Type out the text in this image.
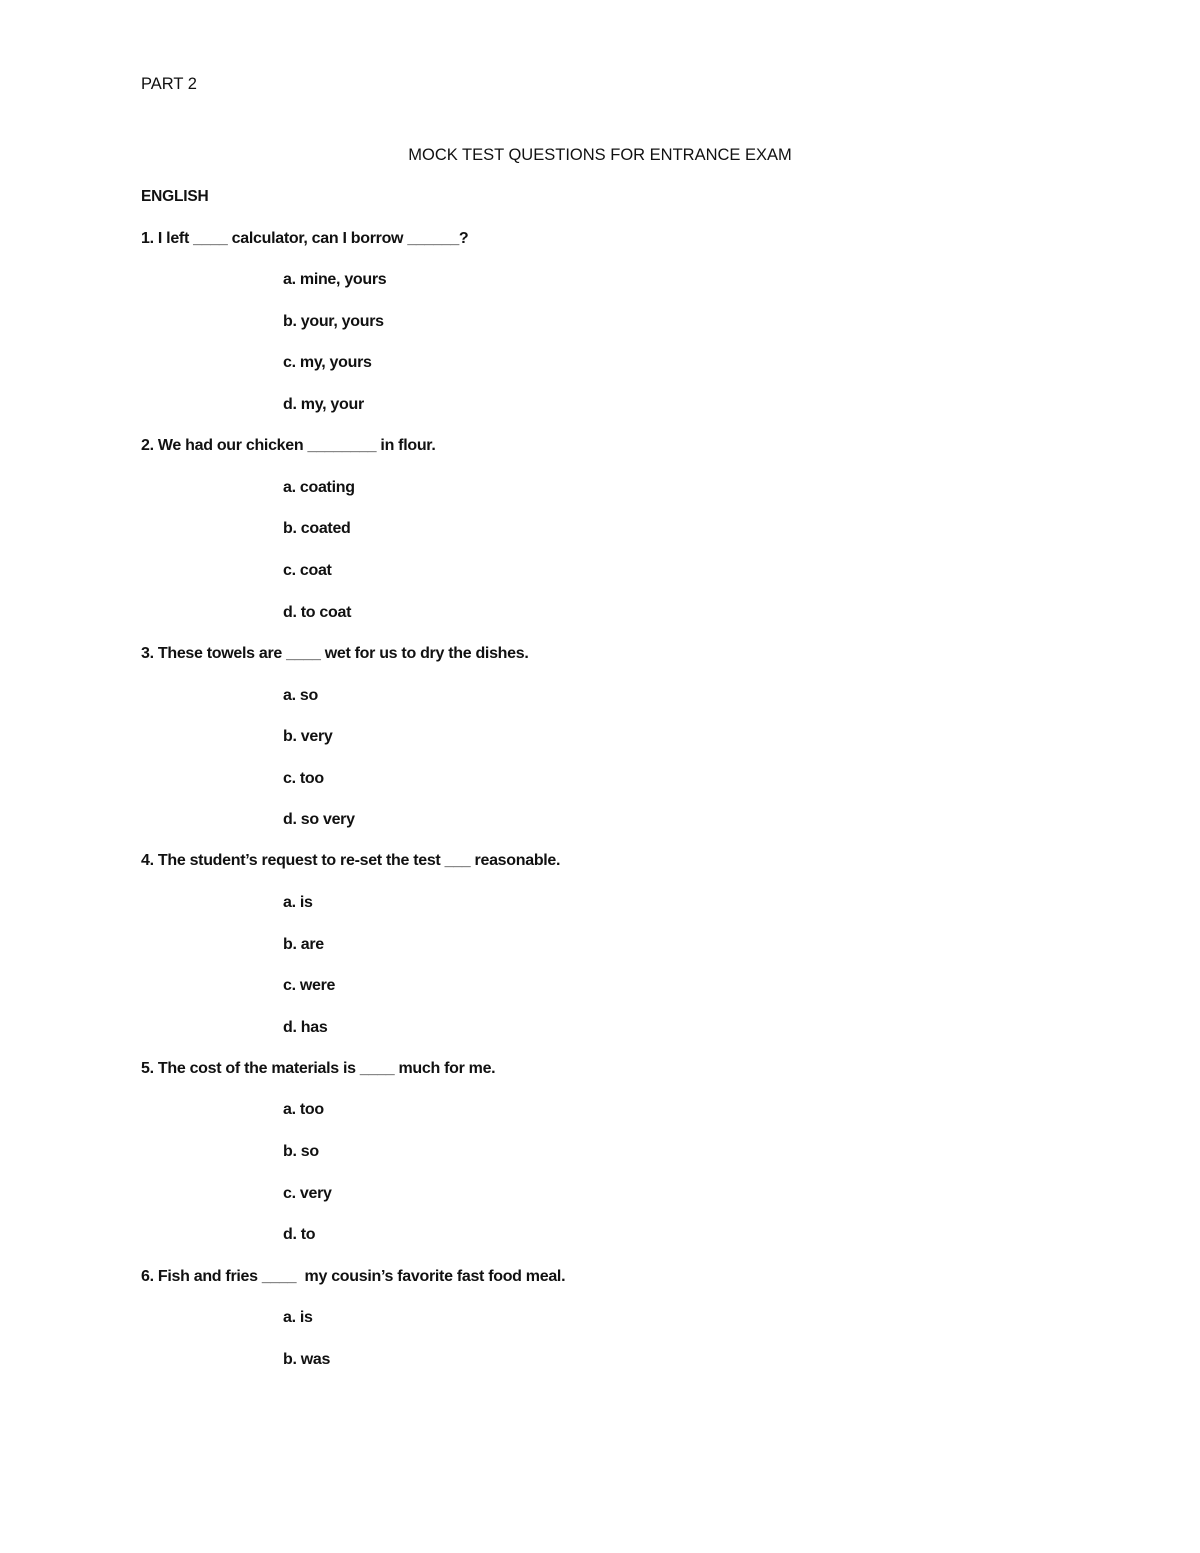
PART 2
MOCK TEST QUESTIONS FOR ENTRANCE EXAM
ENGLISH
1. I left ____ calculator, can I borrow ______?
a. mine, yours
b. your, yours
c. my, yours
d. my, your
2. We had our chicken ________ in flour.
a. coating
b. coated
c. coat
d. to coat
3. These towels are ____ wet for us to dry the dishes.
a. so
b. very
c. too
d. so very
4. The student’s request to re-set the test ___ reasonable.
a. is
b. are
c. were
d. has
5. The cost of the materials is ____ much for me.
a. too
b. so
c. very
d. to
6. Fish and fries ____  my cousin’s favorite fast food meal.
a. is
b. was
